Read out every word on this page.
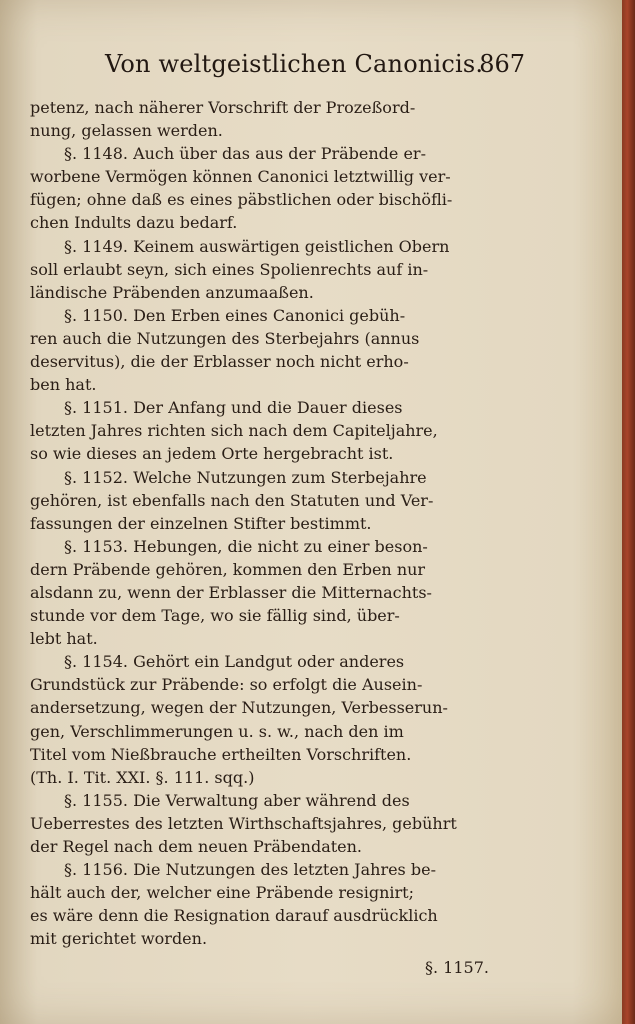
Von weltgeistlichen Canonicis.
867
petenz, nach näherer Vorschrift der Prozeßord-
nung, gelassen werden.
§. 1148. Auch über das aus der Präbende er-
worbene Vermögen können Canonici letztwillig ver-
fügen; ohne daß es eines päbstlichen oder bischöfli-
chen Indults dazu bedarf.
§. 1149. Keinem auswärtigen geistlichen Obern
soll erlaubt seyn, sich eines Spolienrechts auf in-
ländische Präbenden anzumaaßen.
§. 1150. Den Erben eines Canonici gebüh-
ren auch die Nutzungen des Sterbejahrs (annus
deservitus), die der Erblasser noch nicht erho-
ben hat.
§. 1151. Der Anfang und die Dauer dieses
letzten Jahres richten sich nach dem Capiteljahre,
so wie dieses an jedem Orte hergebracht ist.
§. 1152. Welche Nutzungen zum Sterbejahre
gehören, ist ebenfalls nach den Statuten und Ver-
fassungen der einzelnen Stifter bestimmt.
§. 1153. Hebungen, die nicht zu einer beson-
dern Präbende gehören, kommen den Erben nur
alsdann zu, wenn der Erblasser die Mitternachts-
stunde vor dem Tage, wo sie fällig sind, über-
lebt hat.
§. 1154. Gehört ein Landgut oder anderes
Grundstück zur Präbende: so erfolgt die Ausein-
andersetzung, wegen der Nutzungen, Verbesserun-
gen, Verschlimmerungen u. s. w., nach den im
Titel vom Nießbrauche ertheilten Vorschriften.
(Th. I. Tit. XXI. §. 111. sqq.)
§. 1155. Die Verwaltung aber während des
Ueberrestes des letzten Wirthschaftsjahres, gebührt
der Regel nach dem neuen Präbendaten.
§. 1156. Die Nutzungen des letzten Jahres be-
hält auch der, welcher eine Präbende resignirt;
es wäre denn die Resignation darauf ausdrücklich
mit gerichtet worden.
§. 1157.
